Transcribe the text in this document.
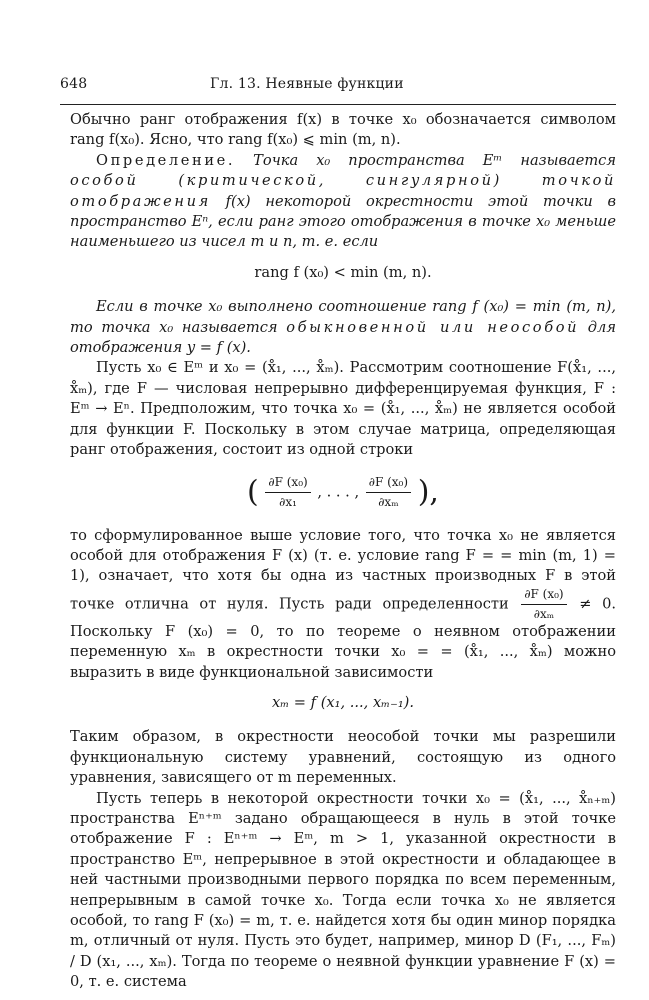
648	Гл. 13. Неявные функции

Обычно ранг отображения f(x) в точке x₀ обозначается символом rang f(x₀). Ясно, что rang f(x₀) ⩽ min (m, n).

Определение. Точка x₀ пространства Eᵐ называется особой (критической, сингулярной) точкой отображения f(x) некоторой окрестности этой точки в пространство Eⁿ, если ранг этого отображения в точке x₀ меньше наименьшего из чисел m и n, т. е. если

rang f (x₀) < min (m, n).

Если в точке x₀ выполнено соотношение rang f (x₀) = min (m, n), то точка x₀ называется обыкновенной или неособой для отображения y = f (x).

Пусть x₀ ∈ Eᵐ и x₀ = (x̊₁, ..., x̊ₘ). Рассмотрим соотношение F(x̊₁, ..., x̊ₘ), где F — числовая непрерывно дифференцируемая функция, F : Eᵐ → Eⁿ. Предположим, что точка x₀ = (x̊₁, ..., x̊ₘ) не является особой для функции F. Поскольку в этом случае матрица, определяющая ранг отображения, состоит из одной строки

( $\frac{\text{∂F (x₀)}}{\text{∂x₁}}$ , . . . , $\frac{\text{∂F (x₀)}}{\text{∂xₘ}}$ ),

то сформулированное выше условие того, что точка x₀ не является особой для отображения F (x) (т. е. условие rang F = = min (m, 1) = 1), означает, что хотя бы одна из частных производных F в этой точке отлична от нуля. Пусть ради определенности $\frac{\text{∂F (x₀)}}{\text{∂xₘ}} \ne 0$. Поскольку F (x₀) = 0, то по теореме о неявном отображении переменную xₘ в окрестности точки x₀ = = (x̊₁, ..., x̊ₘ) можно выразить в виде функциональной зависимости

xₘ = f (x₁, ..., xₘ₋₁).

Таким образом, в окрестности неособой точки мы разрешили функциональную систему уравнений, состоящую из одного уравнения, зависящего от m переменных.

Пусть теперь в некоторой окрестности точки x₀ = (x̊₁, ..., x̊ₙ₊ₘ) пространства Eⁿ⁺ᵐ задано обращающееся в нуль в этой точке отображение F : Eⁿ⁺ᵐ → Eᵐ, m > 1, указанной окрестности в пространство Eᵐ, непрерывное в этой окрестности и обладающее в ней частными производными первого порядка по всем переменным, непрерывным в самой точке x₀. Тогда если точка x₀ не является особой, то rang F (x₀) = m, т. е. найдется хотя бы один минор порядка m, отличный от нуля. Пусть это будет, например, минор D (F₁, ..., Fₘ) / D (x₁, ..., xₘ). Тогда по теореме о неявной функции уравнение F (x) = 0, т. е. система
